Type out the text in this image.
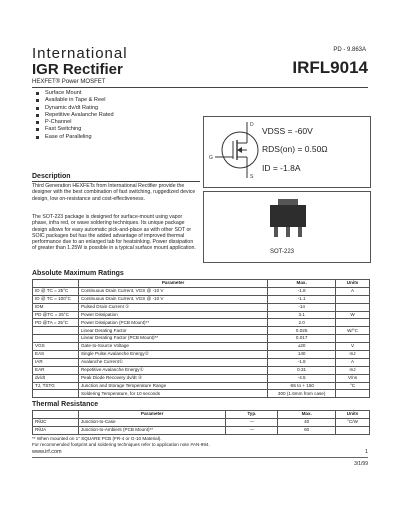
International
IGR Rectifier
PD - 9.863A
IRFL9014
HEXFET® Power MOSFET
Surface Mount
Available in Tape & Reel
Dynamic dv/dt Rating
Repetitive Avalanche Rated
P-Channel
Fast Switching
Ease of Paralleling
G
D
S
VDSS = -60V
RDS(on) = 0.50Ω
ID = -1.8A
Description
Third Generation HEXFETs from International Rectifier provide the designer with the best combination of fast switching, ruggedized device design, low on-resistance and cost-effectiveness.
The SOT-223 package is designed for surface-mount using vapor phase, infra red, or wave soldering techniques. Its unique package design allows for easy automatic pick-and-place as with other SOT or SOIC packages but has the added advantage of improved thermal performance due to an enlarged tab for heatsinking. Power dissipation of greater than 1.25W is possible in a typical surface mount application.
SOT-223
Absolute Maximum Ratings
	Parameter	Max.	Units
ID @ TC = 25°C	Continuous Drain Current, VGS @ -10 V	-1.8	A
ID @ TC = 100°C	Continuous Drain Current, VGS @ -10 V	-1.1	
IDM	Pulsed Drain Current ①	-14	
PD @TC = 25°C	Power Dissipation	3.1	W
PD @TA = 25°C	Power Dissipation (PCB Mount)**	2.0	
	Linear Derating Factor	0.025	W/°C
	Linear Derating Factor (PCB Mount)**	0.017	
VGS	Gate-to-Source Voltage	±20	V
EAS	Single Pulse Avalanche Energy②	140	mJ
IAR	Avalanche Current①	-1.8	A
EAR	Repetitive Avalanche Energy①	0.31	mJ
dv/dt	Peak Diode Recovery dv/dt ③	-4.5	V/ns
TJ, TSTG	Junction and Storage Temperature Range	-55 to + 150	°C
	Soldering Temperature, for 10 seconds	300 (1.6mm from case)	
Thermal Resistance
	Parameter	Typ.	Max.	Units
RθJC	Junction-to-Case	—	40	°C/W
RθJA	Junction-to-Ambient (PCB Mount)**	—	60	
** When mounted on 1" SQUARE PCB (FR-4 or G-10 Material).
For recommended footprint and soldering techniques refer to application note #AN-994.
www.irf.com	1
3/1/99
